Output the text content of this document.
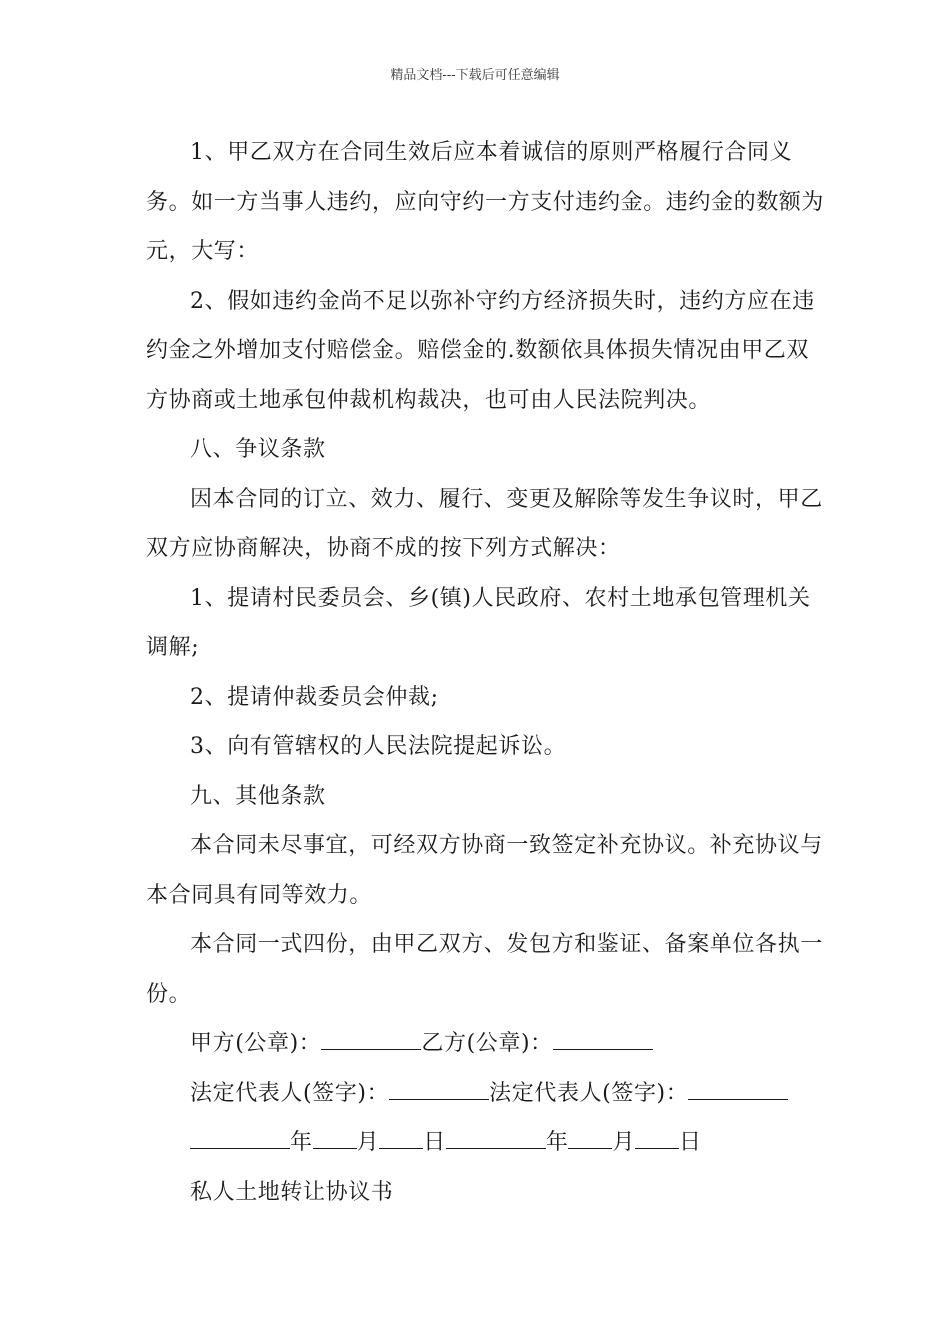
精品文档---下载后可任意编辑

1、甲乙双方在合同生效后应本着诚信的原则严格履行合同义务。如一方当事人违约，应向守约一方支付违约金。违约金的数额为元，大写：

2、假如违约金尚不足以弥补守约方经济损失时，违约方应在违约金之外增加支付赔偿金。赔偿金的.数额依具体损失情况由甲乙双方协商或土地承包仲裁机构裁决，也可由人民法院判决。

八、争议条款

因本合同的订立、效力、履行、变更及解除等发生争议时，甲乙双方应协商解决，协商不成的按下列方式解决：

1、提请村民委员会、乡(镇)人民政府、农村土地承包管理机关调解;

2、提请仲裁委员会仲裁;

3、向有管辖权的人民法院提起诉讼。

九、其他条款

本合同未尽事宜，可经双方协商一致签定补充协议。补充协议与本合同具有同等效力。

本合同一式四份，由甲乙双方、发包方和鉴证、备案单位各执一份。

甲方(公章)：	乙方(公章)：

法定代表人(签字)：	法定代表人(签字)：

年 月 日	年 月 日

私人土地转让协议书
